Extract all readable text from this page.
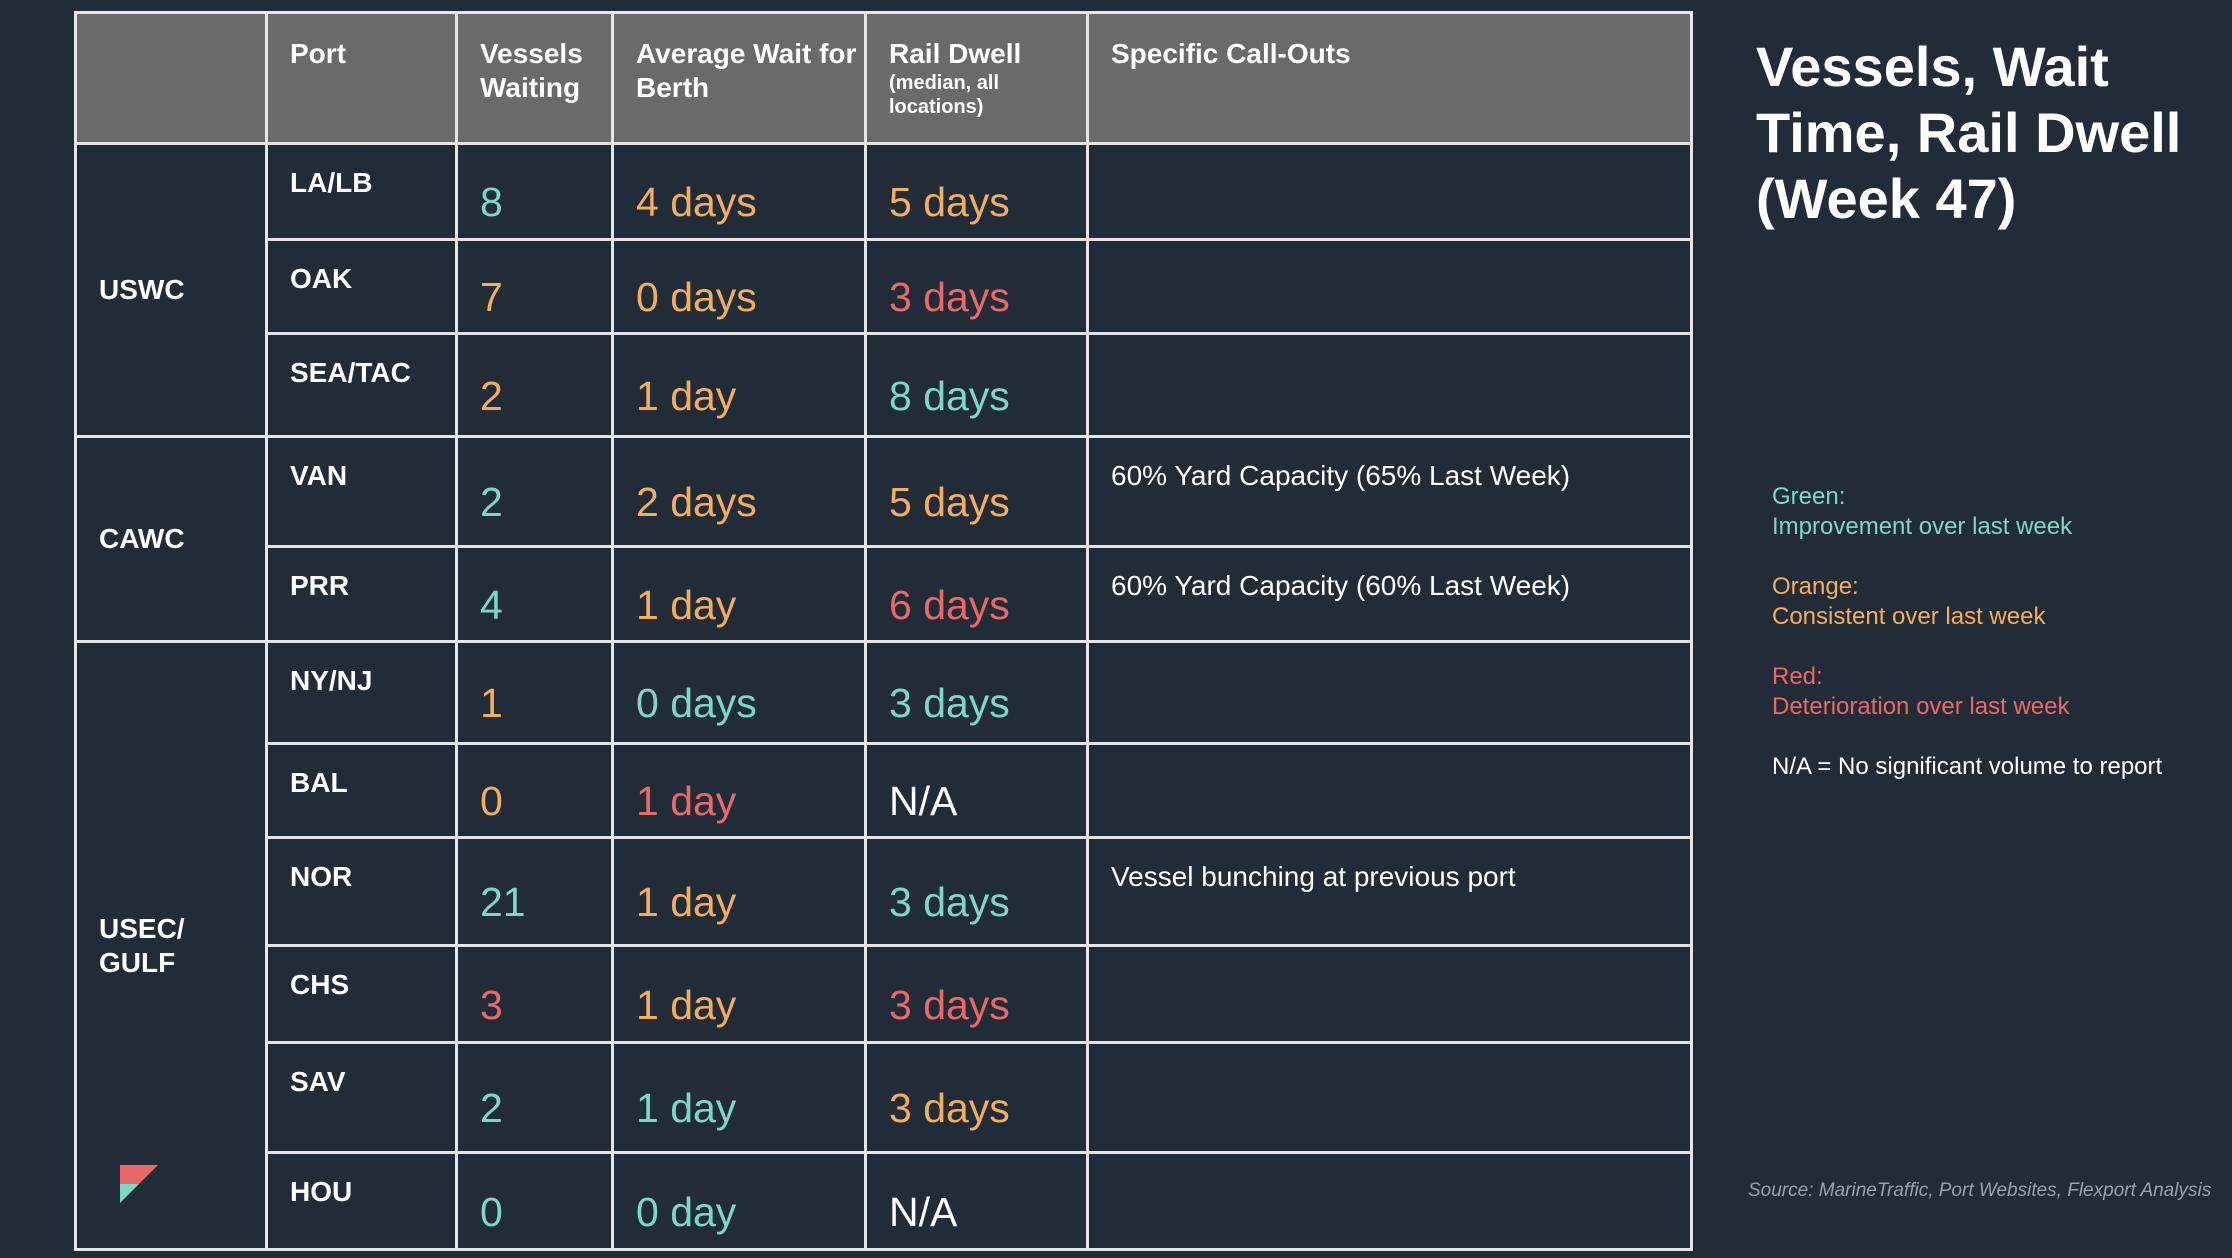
	Port	Vessels Waiting	Average Wait for Berth	Rail Dwell
(median, all locations)	Specific Call-Outs
USWC	LA/LB	8	4 days	5 days	
	OAK	7	0 days	3 days	
	SEA/TAC	2	1 day	8 days	
CAWC	VAN	2	2 days	5 days	60% Yard Capacity (65% Last Week)
	PRR	4	1 day	6 days	60% Yard Capacity (60% Last Week)
USEC/ GULF	NY/NJ	1	0 days	3 days	
	BAL	0	1 day	N/A	
	NOR	21	1 day	3 days	Vessel bunching at previous port
	CHS	3	1 day	3 days	
	SAV	2	1 day	3 days	
	HOU	0	0 day	N/A	
Vessels, Wait Time, Rail Dwell (Week 47)
Green:
Improvement over last week
Orange:
Consistent over last week
Red:
Deterioration over last week
N/A = No significant volume to report
Source: MarineTraffic, Port Websites, Flexport Analysis
